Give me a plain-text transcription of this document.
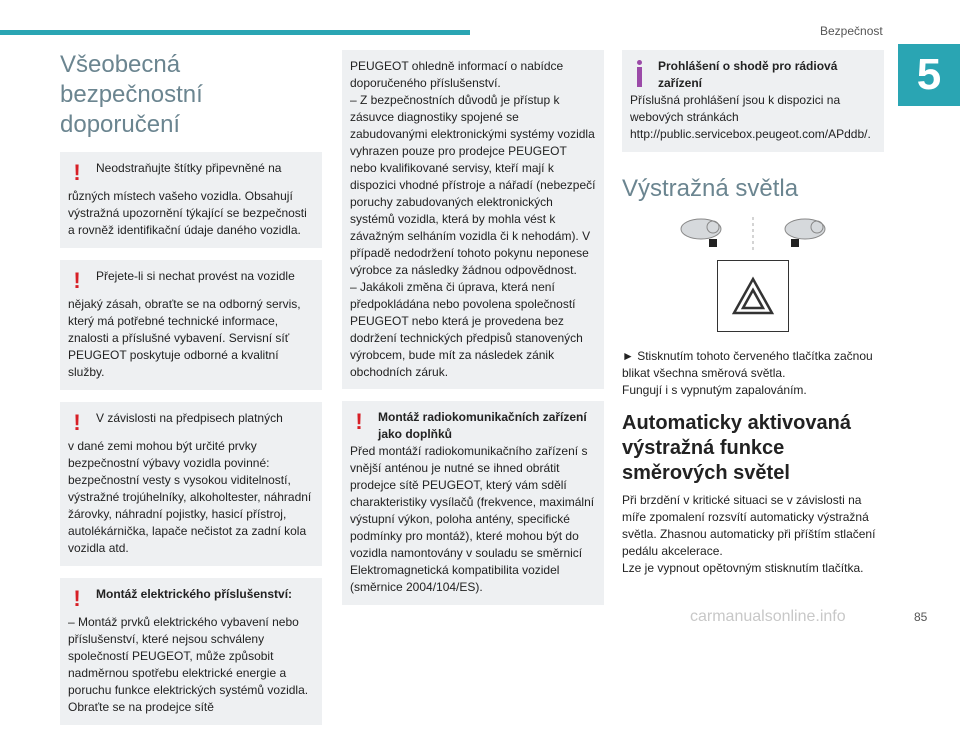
Bezpečnost
5
Všeobecná bezpečnostní doporučení
!	Neodstraňujte štítky připevněné na
různých místech vašeho vozidla. Obsahují výstražná upozornění týkající se bezpečnosti a rovněž identifikační údaje daného vozidla.
!	Přejete-li si nechat provést na vozidle
nějaký zásah, obraťte se na odborný servis, který má potřebné technické informace, znalosti a příslušné vybavení. Servisní síť PEUGEOT poskytuje odborné a kvalitní služby.
!	V závislosti na předpisech platných
v dané zemi mohou být určité prvky bezpečnostní výbavy vozidla povinné: bezpečnostní vesty s vysokou viditelností, výstražné trojúhelníky, alkoholtester, náhradní žárovky, náhradní pojistky, hasicí přístroj, autolékárnička, lapače nečistot za zadní kola vozidla atd.
!	Montáž elektrického příslušenství:
– Montáž prvků elektrického vybavení nebo příslušenství, které nejsou schváleny společností PEUGEOT, může způsobit nadměrnou spotřebu elektrické energie a poruchu funkce elektrických systémů vozidla. Obraťte se na prodejce sítě
PEUGEOT ohledně informací o nabídce doporučeného příslušenství.
– Z bezpečnostních důvodů je přístup k zásuvce diagnostiky spojené se zabudovanými elektronickými systémy vozidla vyhrazen pouze pro prodejce PEUGEOT nebo kvalifikované servisy, kteří mají k dispozici vhodné přístroje a nářadí (nebezpečí poruchy zabudovaných elektronických systémů vozidla, která by mohla vést k závažným selháním vozidla či k nehodám). V případě nedodržení tohoto pokynu neponese výrobce za následky žádnou odpovědnost.
– Jakákoli změna či úprava, která není předpokládána nebo povolena společností PEUGEOT nebo která je provedena bez dodržení technických předpisů stanovených výrobcem, bude mít za následek zánik obchodních záruk.
!	Montáž radiokomunikačních zařízení jako doplňků
Před montáží radiokomunikačního zařízení s vnější anténou je nutné se ihned obrátit prodejce sítě PEUGEOT, který vám sdělí charakteristiky vysílačů (frekvence, maximální výstupní výkon, poloha antény, specifické podmínky pro montáž), které mohou být do vozidla namontovány v souladu se směrnicí Elektromagnetická kompatibilita vozidel (směrnice 2004/104/ES).
Prohlášení o shodě pro rádiová zařízení
Příslušná prohlášení jsou k dispozici na webových stránkách http://public.servicebox.peugeot.com/APddb/.
Výstražná světla
► Stisknutím tohoto červeného tlačítka začnou blikat všechna směrová světla.
Fungují i s vypnutým zapalováním.
Automaticky aktivovaná výstražná funkce směrových světel
Při brzdění v kritické situaci se v závislosti na míře zpomalení rozsvítí automaticky výstražná světla. Zhasnou automaticky při příštím stlačení pedálu akcelerace.
Lze je vypnout opětovným stisknutím tlačítka.
carmanualsonline.info	85
